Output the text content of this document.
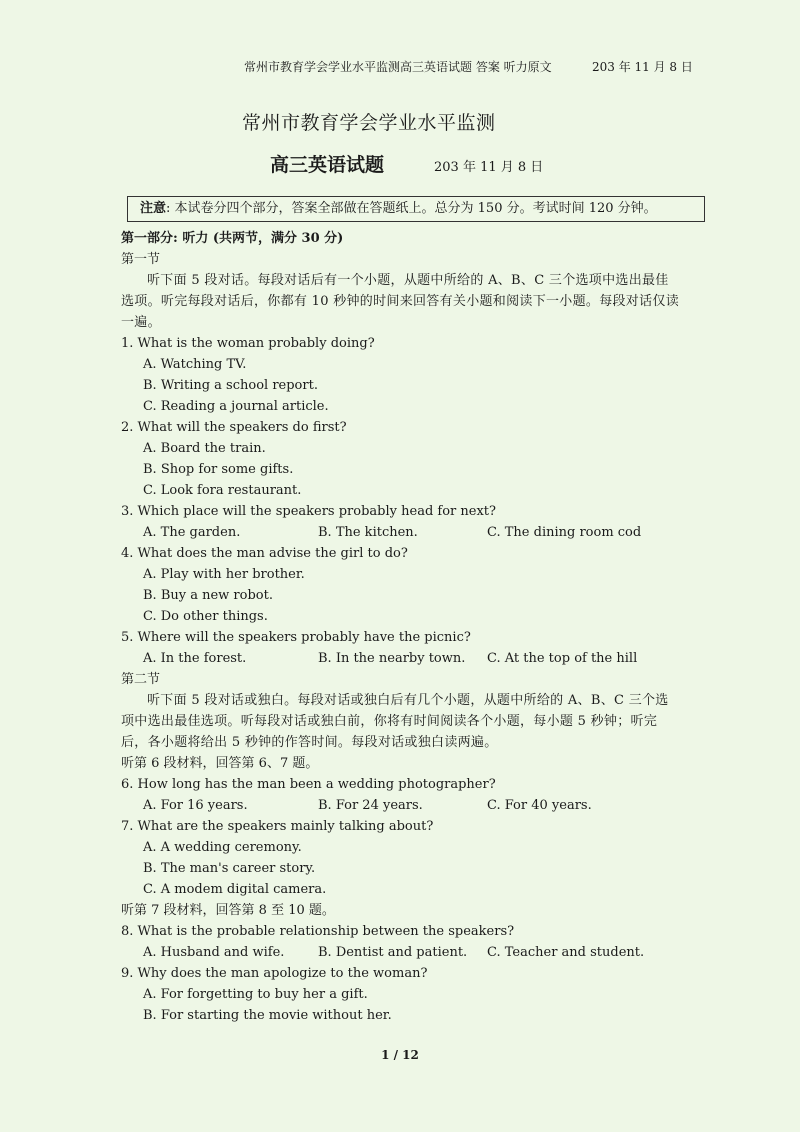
常州市教育学会学业水平监测高三英语试题 答案 听力原文	203 年 11 月 8 日
常州市教育学会学业水平监测
高三英语试题	203 年 11 月 8 日
注意: 本试卷分四个部分，答案全部做在答题纸上。总分为 150 分。考试时间 120 分钟。
第一部分: 听力 (共两节，满分 30 分)
第一节
听下面 5 段对话。每段对话后有一个小题，从题中所给的 A、B、C 三个选项中选出最佳选项。听完每段对话后，你都有 10 秒钟的时间来回答有关小题和阅读下一小题。每段对话仅读一遍。
1. What is the woman probably doing?
A. Watching TV.
B. Writing a school report.
C. Reading a journal article.
2. What will the speakers do first?
A. Board the train.
B. Shop for some gifts.
C. Look fora restaurant.
3. Which place will the speakers probably head for next?
A. The garden.	B. The kitchen.	C. The dining room cod
4. What does the man advise the girl to do?
A. Play with her brother.
B. Buy a new robot.
C. Do other things.
5. Where will the speakers probably have the picnic?
A. In the forest.	B. In the nearby town. C. At the top of the hill
第二节
听下面 5 段对话或独白。每段对话或独白后有几个小题，从题中所给的 A、B、C 三个选项中选出最佳选项。听每段对话或独白前，你将有时间阅读各个小题，每小题 5 秒钟；听完后，各小题将给出 5 秒钟的作答时间。每段对话或独白读两遍。
听第 6 段材料，回答第 6、7 题。
6. How long has the man been a wedding photographer?
A. For 16 years.	B. For 24 years.	C. For 40 years.
7. What are the speakers mainly talking about?
A. A wedding ceremony.
B. The man's career story.
C. A modem digital camera.
听第 7 段材料，回答第 8 至 10 题。
8. What is the probable relationship between the speakers?
A. Husband and wife.	B. Dentist and patient. C. Teacher and student.
9. Why does the man apologize to the woman?
A. For forgetting to buy her a gift.
B. For starting the movie without her.
1 / 12
